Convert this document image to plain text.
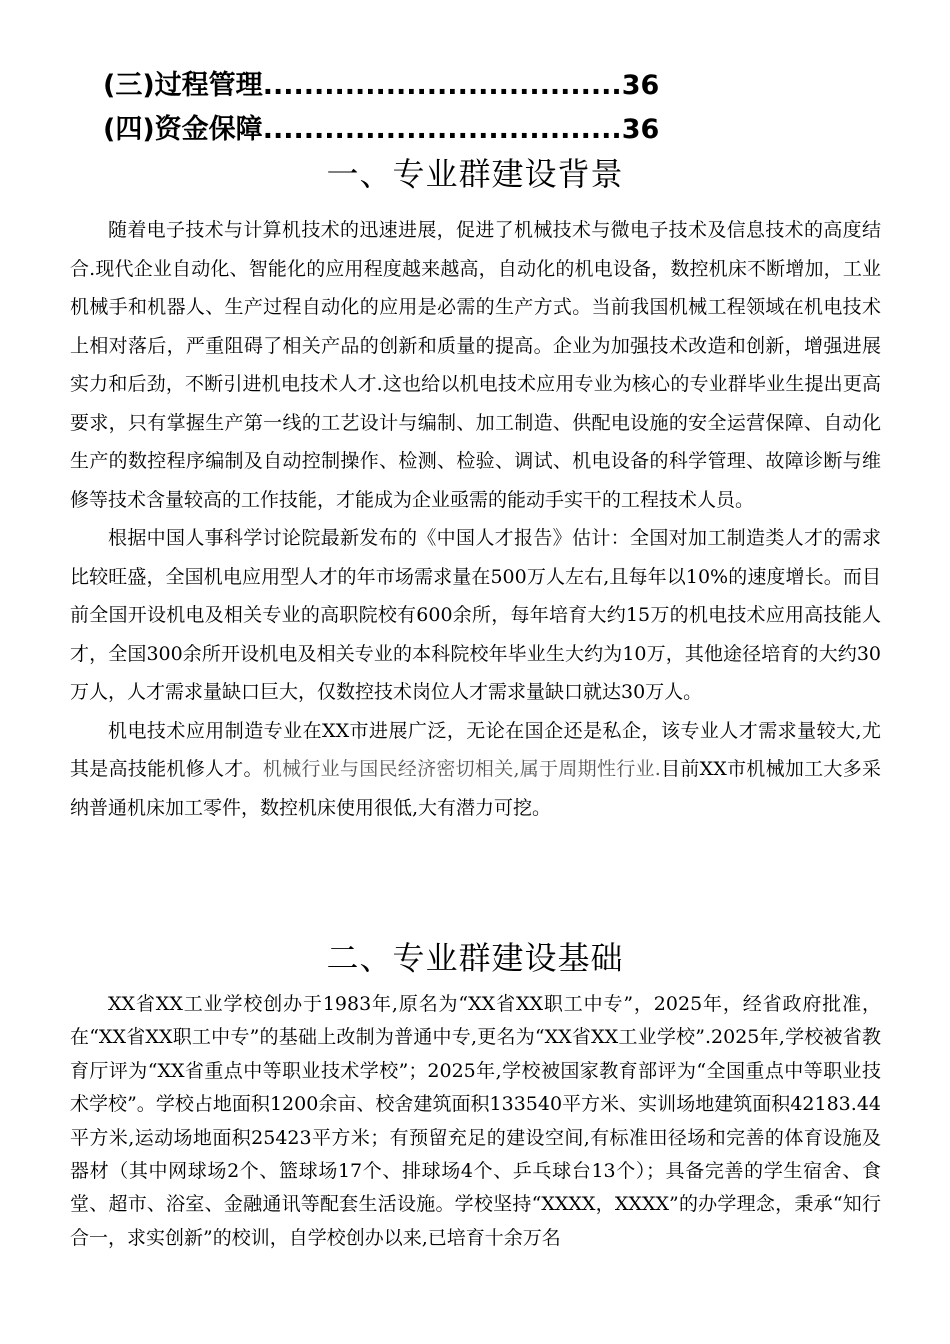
(三)过程管理...................................36
(四)资金保障...................................36
一、专业群建设背景

随着电子技术与计算机技术的迅速进展，促进了机械技术与微电子技术及信息技术的高度结合.现代企业自动化、智能化的应用程度越来越高，自动化的机电设备，数控机床不断增加，工业机械手和机器人、生产过程自动化的应用是必需的生产方式。当前我国机械工程领域在机电技术上相对落后，严重阻碍了相关产品的创新和质量的提高。企业为加强技术改造和创新，增强进展实力和后劲，不断引进机电技术人才.这也给以机电技术应用专业为核心的专业群毕业生提出更高要求，只有掌握生产第一线的工艺设计与编制、加工制造、供配电设施的安全运营保障、自动化生产的数控程序编制及自动控制操作、检测、检验、调试、机电设备的科学管理、故障诊断与维修等技术含量较高的工作技能，才能成为企业亟需的能动手实干的工程技术人员。

根据中国人事科学讨论院最新发布的《中国人才报告》估计：全国对加工制造类人才的需求比较旺盛，全国机电应用型人才的年市场需求量在500万人左右,且每年以10%的速度增长。而目前全国开设机电及相关专业的高职院校有600余所，每年培育大约15万的机电技术应用高技能人才，全国300余所开设机电及相关专业的本科院校年毕业生大约为10万，其他途径培育的大约30万人，人才需求量缺口巨大，仅数控技术岗位人才需求量缺口就达30万人。

机电技术应用制造专业在XX市进展广泛，无论在国企还是私企，该专业人才需求量较大,尤其是高技能机修人才。机械行业与国民经济密切相关,属于周期性行业.目前XX市机械加工大多采纳普通机床加工零件，数控机床使用很低,大有潜力可挖。

二、专业群建设基础

XX省XX工业学校创办于1983年,原名为“XX省XX职工中专”，2025年，经省政府批准，在“XX省XX职工中专”的基础上改制为普通中专,更名为“XX省XX工业学校”.2025年,学校被省教育厅评为“XX省重点中等职业技术学校”；2025年,学校被国家教育部评为“全国重点中等职业技术学校”。学校占地面积1200余亩、校舍建筑面积133540平方米、实训场地建筑面积42183.44平方米,运动场地面积25423平方米；有预留充足的建设空间,有标准田径场和完善的体育设施及器材（其中网球场2个、篮球场17个、排球场4个、乒乓球台13个）；具备完善的学生宿舍、食堂、超市、浴室、金融通讯等配套生活设施。学校坚持“XXXX，XXXX”的办学理念，秉承“知行合一，求实创新”的校训，自学校创办以来,已培育十余万名
